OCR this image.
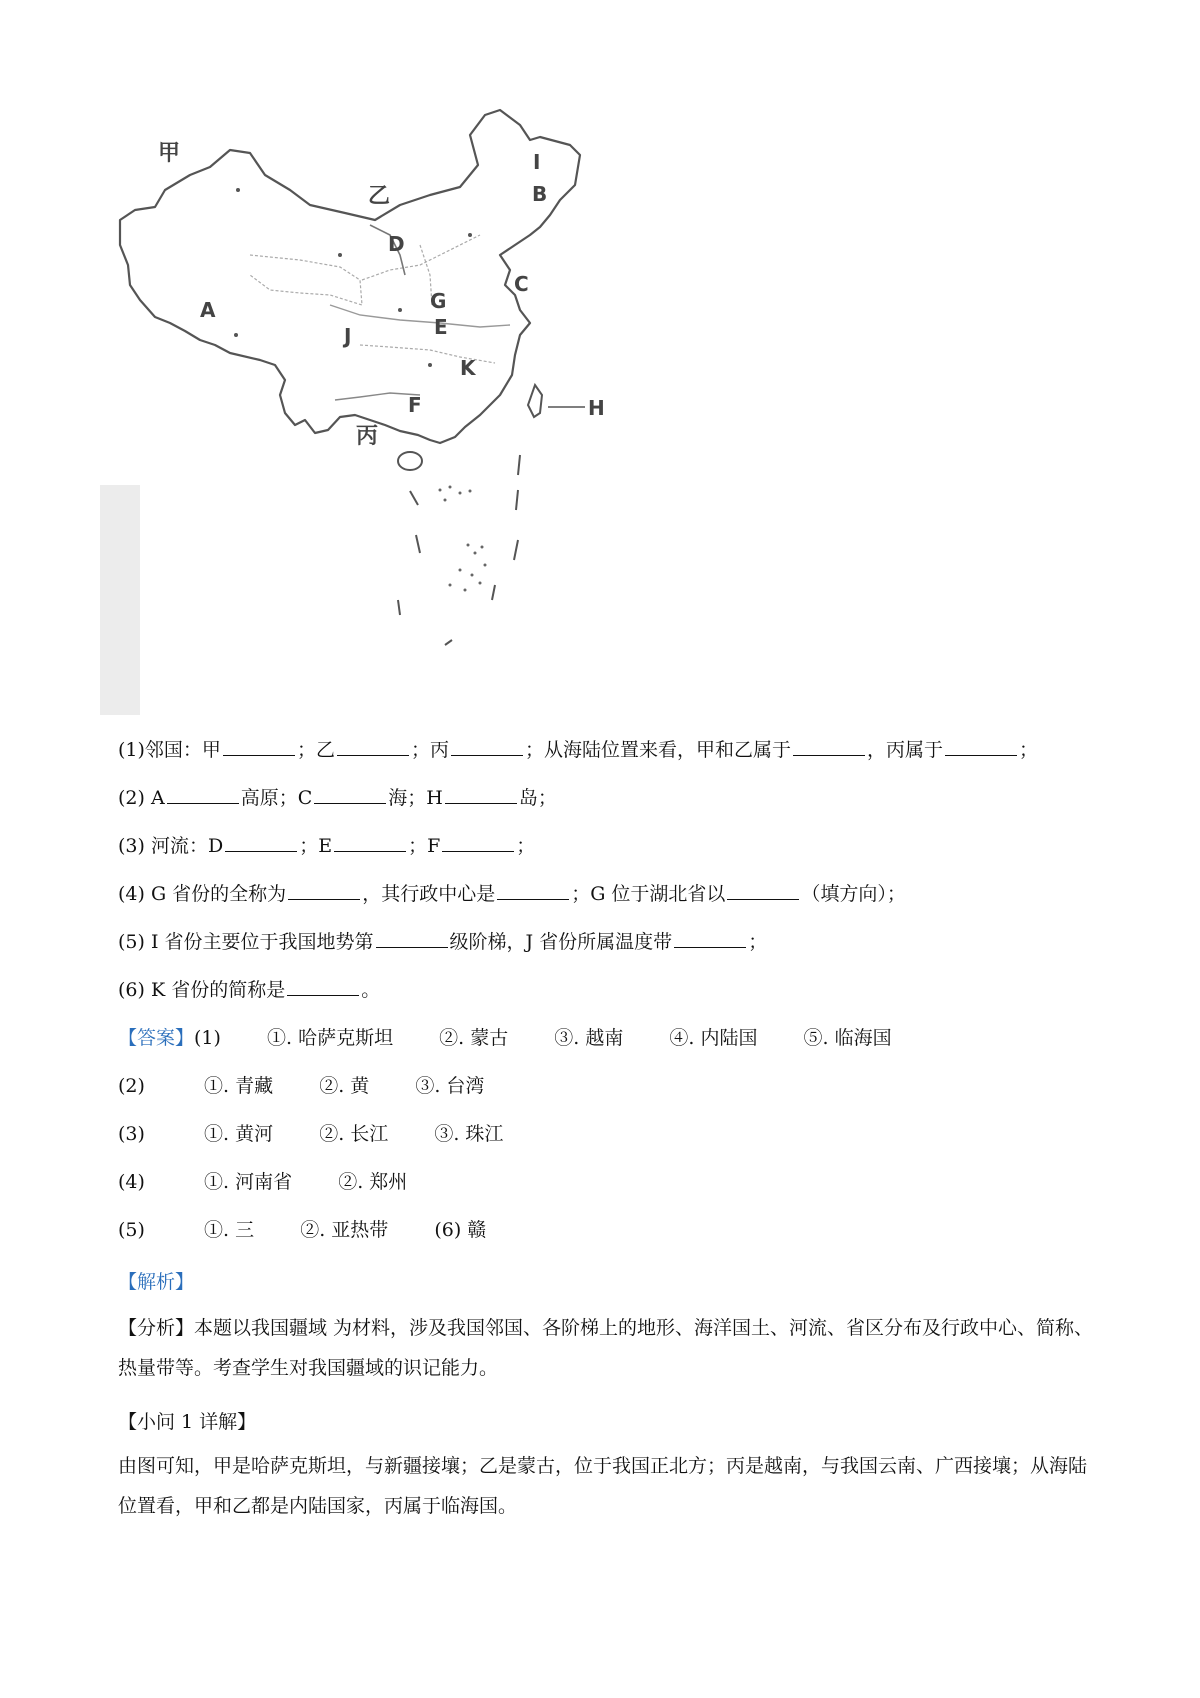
甲
乙
丙
A
B
C
D
E
F
G
H
I
J
K
(1)邻国：甲	；乙	；丙	；从海陆位置来看，甲和乙属于	，丙属于	；
(2) A	高原；C	海；H	岛；
(3) 河流：D	；E	；F	；
(4) G 省份的全称为	，其行政中心是	；G 位于湖北省以	（填方向）；
(5) I 省份主要位于我国地势第	级阶梯，J 省份所属温度带	；
(6) K 省份的简称是	。
【答案】(1) ①. 哈萨克斯坦 ②. 蒙古 ③. 越南 ④. 内陆国 ⑤. 临海国
(2)	①. 青藏 ②. 黄 ③. 台湾
(3)	①. 黄河 ②. 长江 ③. 珠江
(4)	①. 河南省 ②. 郑州
(5)	①. 三 ②. 亚热带 (6) 赣
【解析】
【分析】本题以我国疆域 为材料，涉及我国邻国、各阶梯上的地形、海洋国土、河流、省区分布及行政中心、简称、热量带等。考查学生对我国疆域的识记能力。
【小问 1 详解】
由图可知，甲是哈萨克斯坦，与新疆接壤；乙是蒙古，位于我国正北方；丙是越南，与我国云南、广西接壤；从海陆位置看，甲和乙都是内陆国家，丙属于临海国。
